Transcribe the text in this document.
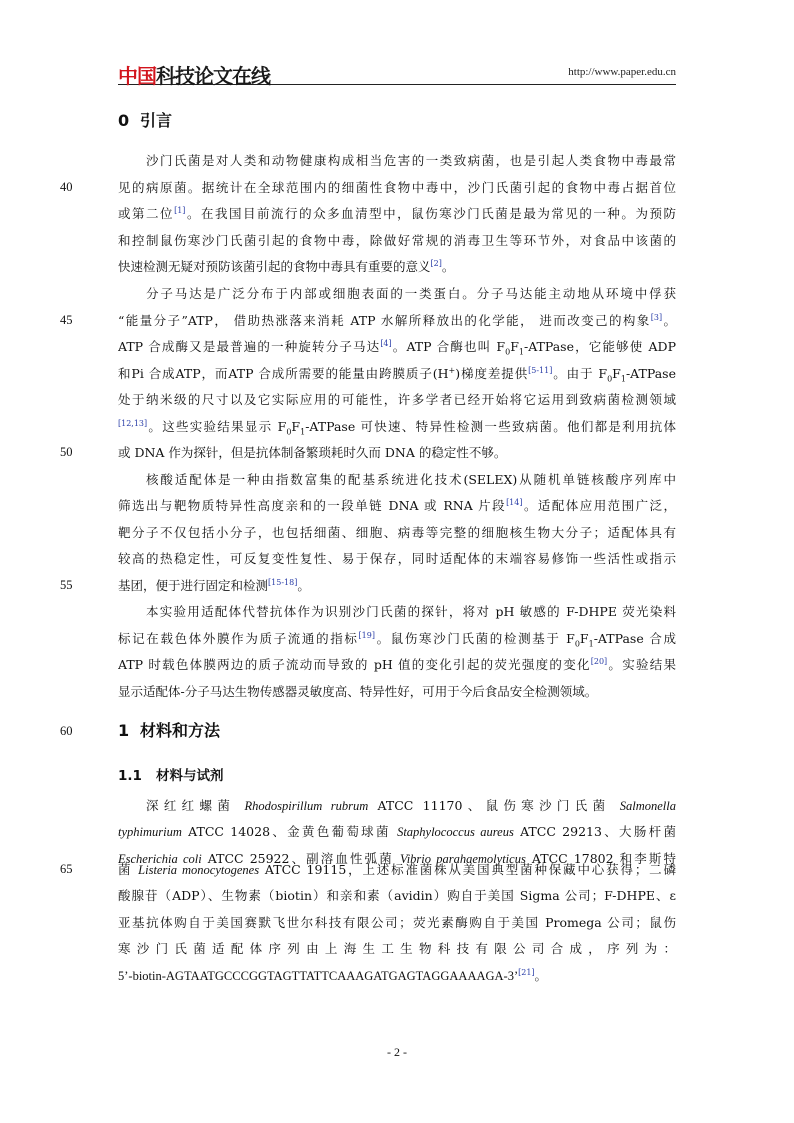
中国科技论文在线	http://www.paper.edu.cn
0 引言
沙门氏菌是对人类和动物健康构成相当危害的一类致病菌，也是引起人类食物中毒最常
40	见的病原菌。据统计在全球范围内的细菌性食物中毒中，沙门氏菌引起的食物中毒占据首位
或第二位[1]。在我国目前流行的众多血清型中，鼠伤寒沙门氏菌是最为常见的一种。为预防
和控制鼠伤寒沙门氏菌引起的食物中毒，除做好常规的消毒卫生等环节外，对食品中该菌的
快速检测无疑对预防该菌引起的食物中毒具有重要的意义[2]。
分子马达是广泛分布于内部或细胞表面的一类蛋白。分子马达能主动地从环境中俘获
45	“能量分子”ATP， 借助热涨落来消耗 ATP 水解所释放出的化学能， 进而改变己的构象[3]。
ATP 合成酶又是最普遍的一种旋转分子马达[4]。ATP 合酶也叫 $F_0F_1$-ATPase，它能够使 ADP
和Pi 合成ATP，而ATP 合成所需要的能量由跨膜质子(H+)梯度差提供[5-11]。由于 $F_0F_1$-ATPase
处于纳米级的尺寸以及它实际应用的可能性，许多学者已经开始将它运用到致病菌检测领域
[12,13]。这些实验结果显示 $F_0F_1$-ATPase 可快速、特异性检测一些致病菌。他们都是利用抗体
50	或 DNA 作为探针，但是抗体制备繁琐耗时久而 DNA 的稳定性不够。
核酸适配体是一种由指数富集的配基系统进化技术(SELEX)从随机单链核酸序列库中
筛选出与靶物质特异性高度亲和的一段单链 DNA 或 RNA 片段[14]。适配体应用范围广泛，
靶分子不仅包括小分子，也包括细菌、细胞、病毒等完整的细胞核生物大分子；适配体具有
较高的热稳定性，可反复变性复性、易于保存，同时适配体的末端容易修饰一些活性或指示
55	基团，便于进行固定和检测[15-18]。
本实验用适配体代替抗体作为识别沙门氏菌的探针，将对 pH 敏感的 F-DHPE 荧光染料
标记在载色体外膜作为质子流通的指标[19]。鼠伤寒沙门氏菌的检测基于 $F_0F_1$-ATPase 合成
ATP 时载色体膜两边的质子流动而导致的 pH 值的变化引起的荧光强度的变化[20]。实验结果
显示适配体-分子马达生物传感器灵敏度高、特异性好，可用于今后食品安全检测领域。
60	1 材料和方法
1.1 材料与试剂
深红红螺菌 Rhodospirillum rubrum ATCC 11170、鼠伤寒沙门氏菌 Salmonella
typhimurium ATCC 14028、金黄色葡萄球菌 Staphylococcus aureus ATCC 29213、大肠杆菌
Escherichia coli ATCC 25922、副溶血性弧菌 Vibrio parahaemolyticus ATCC 17802 和李斯特
65	菌 Listeria monocytogenes ATCC 19115，上述标准菌株从美国典型菌种保藏中心获得；二磷
酸腺苷（ADP）、生物素（biotin）和亲和素（avidin）购自于美国 Sigma 公司；F-DHPE、ε
亚基抗体购自于美国赛默飞世尔科技有限公司；荧光素酶购自于美国 Promega 公司；鼠伤
寒 沙 门 氏 菌 适 配 体 序 列 由 上 海 生 工 生 物 科 技 有 限 公 司 合 成 ， 序 列 为 ：
5’-biotin-AGTAATGCCCGGTAGTTATTCAAAGATGAGTAGGAAAAGA-3’[21]。
- 2 -
